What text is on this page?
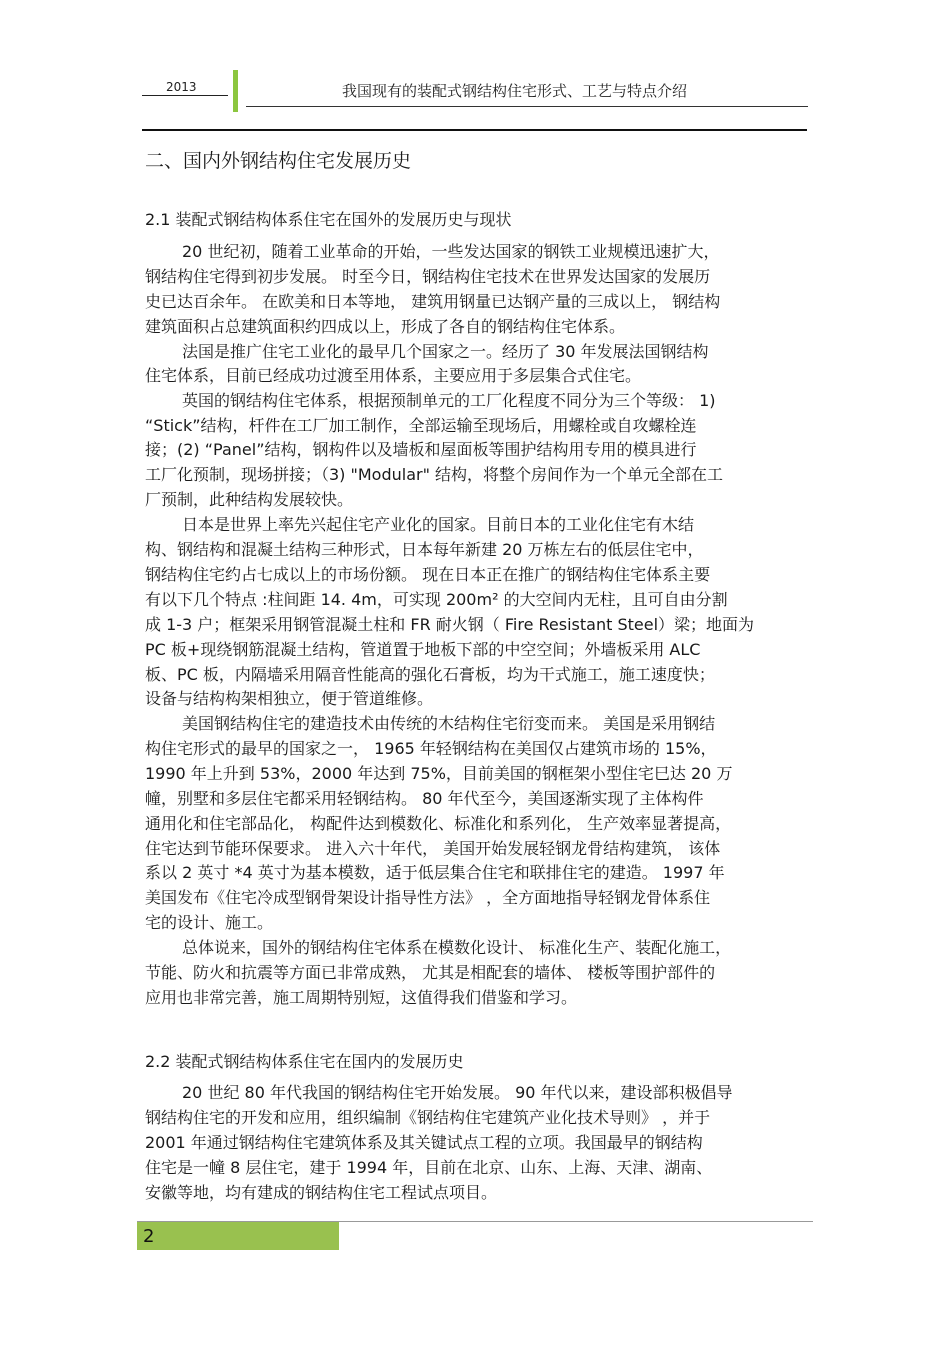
2013	我国现有的装配式钢结构住宅形式、工艺与特点介绍
二、国内外钢结构住宅发展历史
2.1 装配式钢结构体系住宅在国外的发展历史与现状
20 世纪初，随着工业革命的开始，一些发达国家的钢铁工业规模迅速扩大，
钢结构住宅得到初步发展。 时至今日，钢结构住宅技术在世界发达国家的发展历
史已达百余年。 在欧美和日本等地， 建筑用钢量已达钢产量的三成以上， 钢结构
建筑面积占总建筑面积约四成以上，形成了各自的钢结构住宅体系。
法国是推广住宅工业化的最早几个国家之一。经历了 30 年发展法国钢结构
住宅体系，目前已经成功过渡至用体系，主要应用于多层集合式住宅。
英国的钢结构住宅体系，根据预制单元的工厂化程度不同分为三个等级： 1)
“Stick”结构，杆件在工厂加工制作，全部运输至现场后，用螺栓或自攻螺栓连
接；(2) “Panel”结构，钢构件以及墙板和屋面板等围护结构用专用的模具进行
工厂化预制，现场拼接；（3) "Modular" 结构，将整个房间作为一个单元全部在工
厂预制，此种结构发展较快。
日本是世界上率先兴起住宅产业化的国家。目前日本的工业化住宅有木结
构、钢结构和混凝土结构三种形式，日本每年新建 20 万栋左右的低层住宅中，
钢结构住宅约占七成以上的市场份额。 现在日本正在推广的钢结构住宅体系主要
有以下几个特点 :柱间距 14. 4m，可实现 200m² 的大空间内无柱，且可自由分割
成 1-3 户；框架采用钢管混凝土柱和 FR 耐火钢（ Fire Resistant Steel）梁；地面为
PC 板+现绕钢筋混凝土结构，管道置于地板下部的中空空间；外墙板采用 ALC
板、PC 板，内隔墙采用隔音性能高的强化石膏板，均为干式施工，施工速度快；
设备与结构构架相独立，便于管道维修。
美国钢结构住宅的建造技术由传统的木结构住宅衍变而来。 美国是采用钢结
构住宅形式的最早的国家之一， 1965 年轻钢结构在美国仅占建筑市场的 15%，
1990 年上升到 53%，2000 年达到 75%，目前美国的钢框架小型住宅巳达 20 万
幢，别墅和多层住宅都采用轻钢结构。 80 年代至今，美国逐渐实现了主体构件
通用化和住宅部品化， 构配件达到模数化、标准化和系列化， 生产效率显著提高，
住宅达到节能环保要求。 进入六十年代， 美国开始发展轻钢龙骨结构建筑， 该体
系以 2 英寸 *4 英寸为基本模数，适于低层集合住宅和联排住宅的建造。 1997 年
美国发布《住宅冷成型钢骨架设计指导性方法》 ，全方面地指导轻钢龙骨体系住
宅的设计、施工。
总体说来，国外的钢结构住宅体系在模数化设计、 标准化生产、装配化施工，
节能、防火和抗震等方面已非常成熟， 尤其是相配套的墙体、 楼板等围护部件的
应用也非常完善，施工周期特别短，这值得我们借鉴和学习。
2.2 装配式钢结构体系住宅在国内的发展历史
20 世纪 80 年代我国的钢结构住宅开始发展。 90 年代以来，建设部积极倡导
钢结构住宅的开发和应用，组织编制《钢结构住宅建筑产业化技术导则》 ，并于
2001 年通过钢结构住宅建筑体系及其关键试点工程的立项。我国最早的钢结构
住宅是一幢 8 层住宅，建于 1994 年，目前在北京、山东、上海、天津、湖南、
安徽等地，均有建成的钢结构住宅工程试点项目。
2
